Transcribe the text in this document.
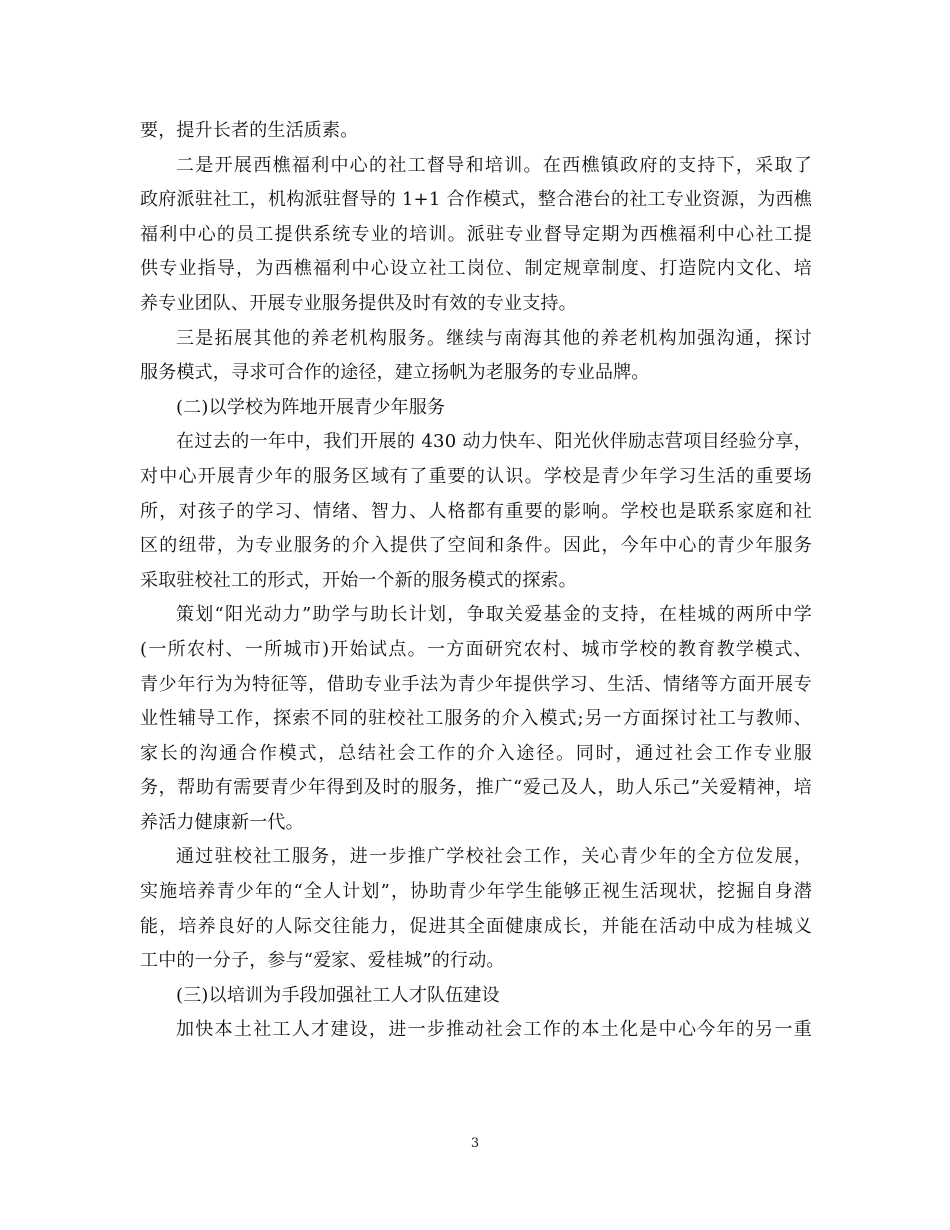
要，提升长者的生活质素。
二是开展西樵福利中心的社工督导和培训。在西樵镇政府的支持下，采取了
政府派驻社工，机构派驻督导的 1+1 合作模式，整合港台的社工专业资源，为西樵
福利中心的员工提供系统专业的培训。派驻专业督导定期为西樵福利中心社工提
供专业指导，为西樵福利中心设立社工岗位、制定规章制度、打造院内文化、培
养专业团队、开展专业服务提供及时有效的专业支持。
三是拓展其他的养老机构服务。继续与南海其他的养老机构加强沟通，探讨
服务模式，寻求可合作的途径，建立扬帆为老服务的专业品牌。
(二)以学校为阵地开展青少年服务
在过去的一年中，我们开展的 430 动力快车、阳光伙伴励志营项目经验分享，
对中心开展青少年的服务区域有了重要的认识。学校是青少年学习生活的重要场
所，对孩子的学习、情绪、智力、人格都有重要的影响。学校也是联系家庭和社
区的纽带，为专业服务的介入提供了空间和条件。因此，今年中心的青少年服务
采取驻校社工的形式，开始一个新的服务模式的探索。
策划“阳光动力”助学与助长计划，争取关爱基金的支持，在桂城的两所中学
(一所农村、一所城市)开始试点。一方面研究农村、城市学校的教育教学模式、
青少年行为为特征等，借助专业手法为青少年提供学习、生活、情绪等方面开展专
业性辅导工作，探索不同的驻校社工服务的介入模式;另一方面探讨社工与教师、
家长的沟通合作模式，总结社会工作的介入途径。同时，通过社会工作专业服
务，帮助有需要青少年得到及时的服务，推广“爱己及人，助人乐己”关爱精神，培
养活力健康新一代。
通过驻校社工服务，进一步推广学校社会工作，关心青少年的全方位发展，
实施培养青少年的“全人计划”，协助青少年学生能够正视生活现状，挖掘自身潜
能，培养良好的人际交往能力，促进其全面健康成长，并能在活动中成为桂城义
工中的一分子，参与“爱家、爱桂城”的行动。
(三)以培训为手段加强社工人才队伍建设
加快本土社工人才建设，进一步推动社会工作的本土化是中心今年的另一重
3
